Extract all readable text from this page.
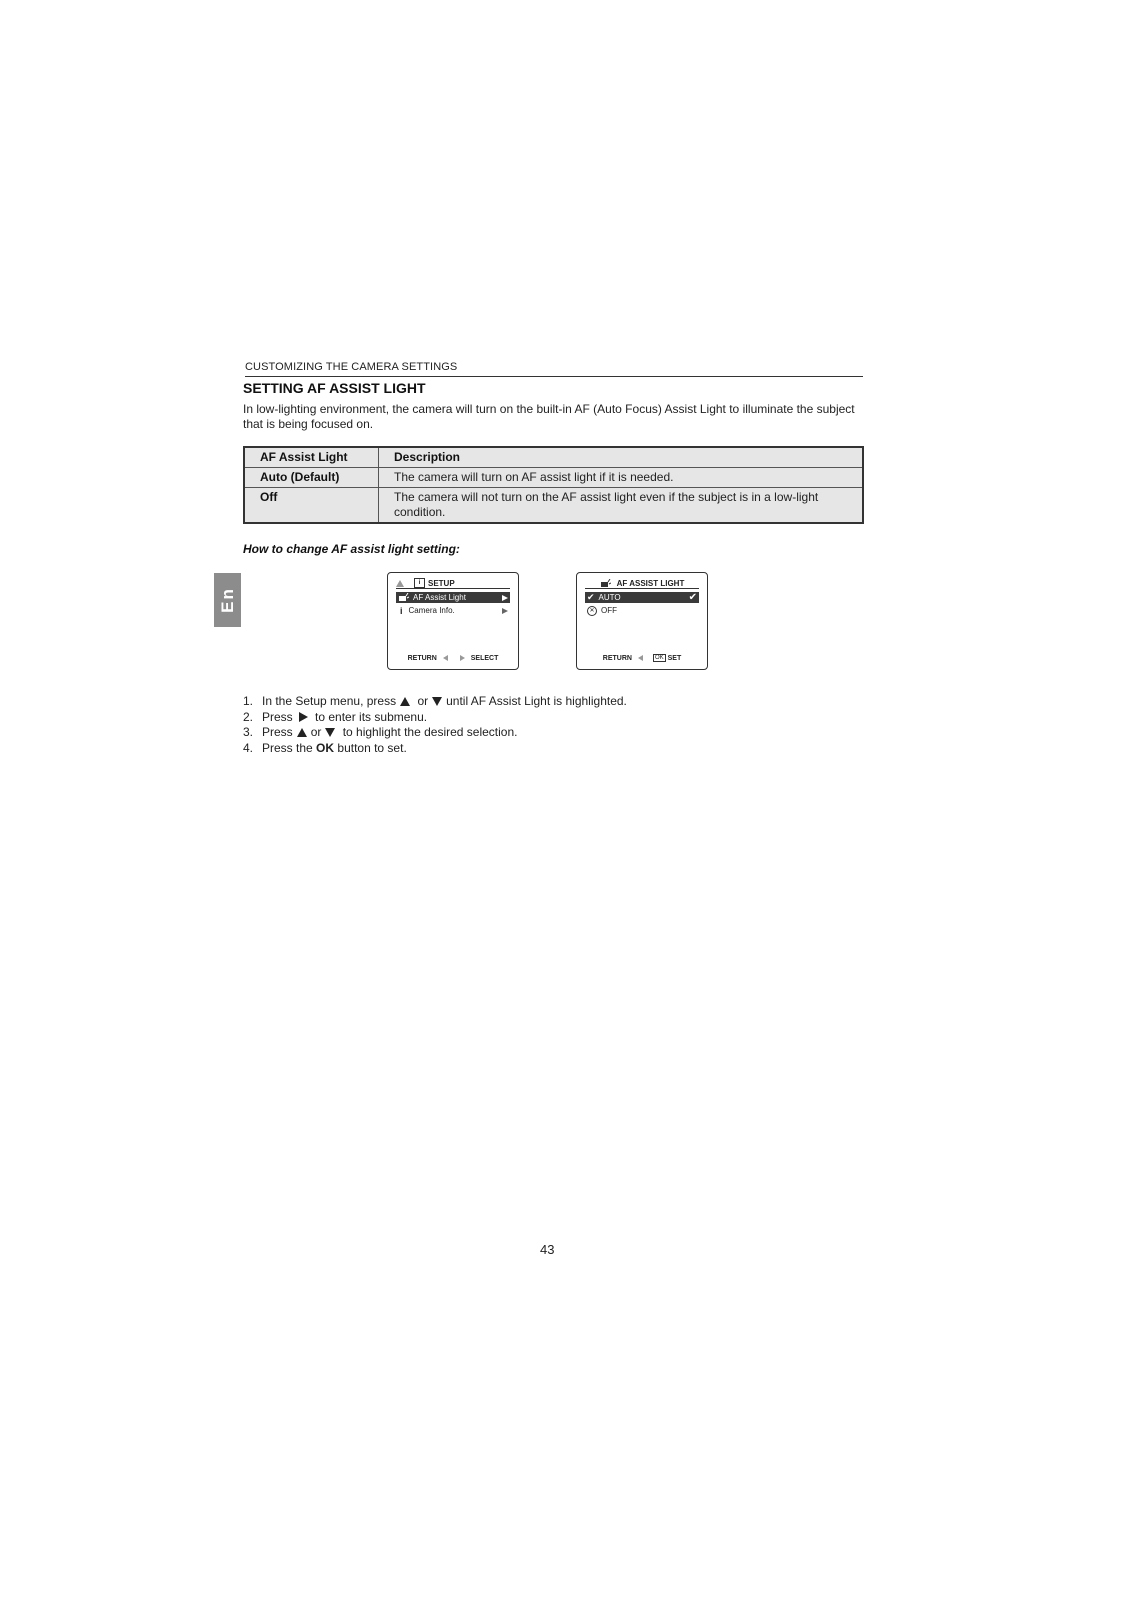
CUSTOMIZING THE CAMERA SETTINGS
SETTING AF ASSIST LIGHT
In low-lighting environment, the camera will turn on the built-in AF (Auto Focus) Assist Light to illuminate the subject that is being focused on.
AF Assist Light	Description
Auto (Default)	The camera will turn on AF assist light if it is needed.
Off	The camera will not turn on the AF assist light even if the subject is in a low-light condition.
How to change AF assist light setting:
En
i SETUP
AF Assist Light
i Camera Info.
RETURN	SELECT
AF ASSIST LIGHT
✔ AUTO	✔
✕ OFF
RETURN	OK SET
1. In the Setup menu, press or until AF Assist Light is highlighted.
2. Press to enter its submenu.
3. Press or to highlight the desired selection.
4. Press the OK button to set.
43
